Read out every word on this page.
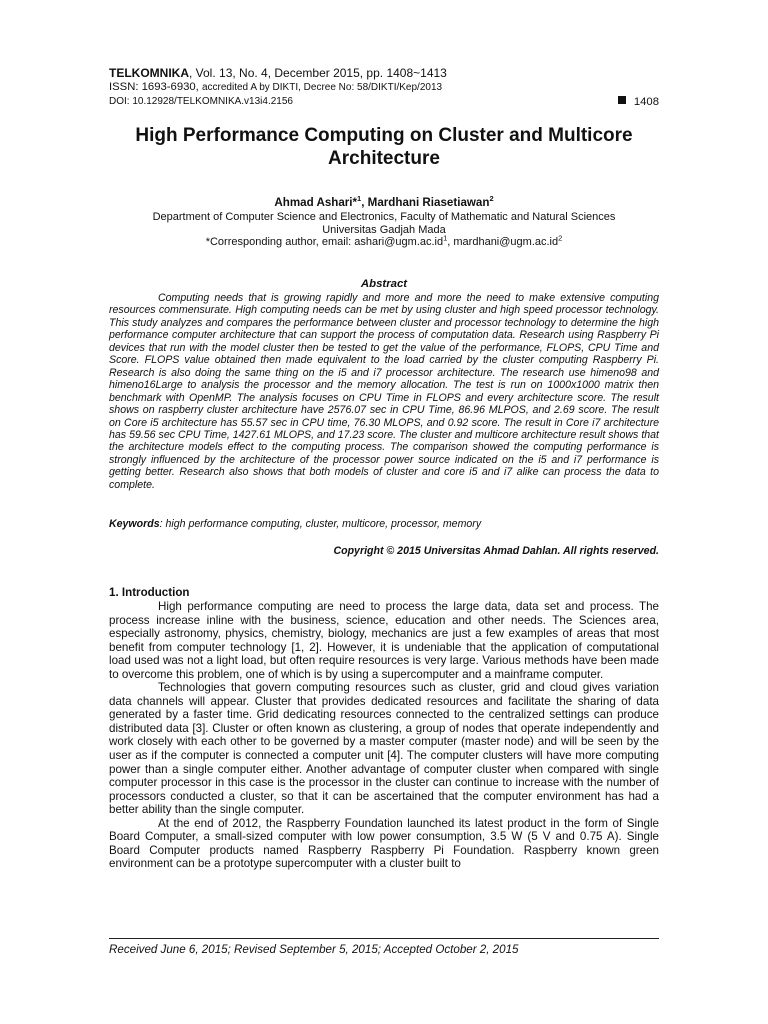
TELKOMNIKA, Vol. 13, No. 4, December 2015, pp. 1408~1413
ISSN: 1693-6930, accredited A by DIKTI, Decree No: 58/DIKTI/Kep/2013
DOI: 10.12928/TELKOMNIKA.v13i4.2156	1408
High Performance Computing on Cluster and Multicore
Architecture
Ahmad Ashari*$^1$, Mardhani Riasetiawan$^2$
Department of Computer Science and Electronics, Faculty of Mathematic and Natural Sciences
Universitas Gadjah Mada
*Corresponding author, email: $ashari@ugm.ac.id^1$, $mardhani@ugm.ac.id^2$
Abstract

Computing needs that is growing rapidly and more and more the need to make extensive computing resources commensurate. High computing needs can be met by using cluster and high speed processor technology. This study analyzes and compares the performance between cluster and processor technology to determine the high performance computer architecture that can support the process of computation data. Research using Raspberry Pi devices that run with the model cluster then be tested to get the value of the performance, FLOPS, CPU Time and Score. FLOPS value obtained then made equivalent to the load carried by the cluster computing Raspberry Pi. Research is also doing the same thing on the i5 and i7 processor architecture. The research use himeno98 and himeno16Large to analysis the processor and the memory allocation. The test is run on 1000x1000 matrix then benchmark with OpenMP. The analysis focuses on CPU Time in FLOPS and every architecture score. The result shows on raspberry cluster architecture have 2576.07 sec in CPU Time, 86.96 MLPOS, and 2.69 score. The result on Core i5 architecture has 55.57 sec in CPU time, 76.30 MLOPS, and 0.92 score. The result in Core i7 architecture has 59.56 sec CPU Time, 1427.61 MLOPS, and 17.23 score. The cluster and multicore architecture result shows that the architecture models effect to the computing process. The comparison showed the computing performance is strongly influenced by the architecture of the processor power source indicated on the i5 and i7 performance is getting better. Research also shows that both models of cluster and core i5 and i7 alike can process the data to complete.

Keywords: high performance computing, cluster, multicore, processor, memory
Copyright © 2015 Universitas Ahmad Dahlan. All rights reserved.
1. Introduction

High performance computing are need to process the large data, data set and process. The process increase inline with the business, science, education and other needs. The Sciences area, especially astronomy, physics, chemistry, biology, mechanics are just a few examples of areas that most benefit from computer technology [1, 2]. However, it is undeniable that the application of computational load used was not a light load, but often require resources is very large. Various methods have been made to overcome this problem, one of which is by using a supercomputer and a mainframe computer.

Technologies that govern computing resources such as cluster, grid and cloud gives variation data channels will appear. Cluster that provides dedicated resources and facilitate the sharing of data generated by a faster time. Grid dedicating resources connected to the centralized settings can produce distributed data [3]. Cluster or often known as clustering, a group of nodes that operate independently and work closely with each other to be governed by a master computer (master node) and will be seen by the user as if the computer is connected a computer unit [4]. The computer clusters will have more computing power than a single computer either. Another advantage of computer cluster when compared with single computer processor in this case is the processor in the cluster can continue to increase with the number of processors conducted a cluster, so that it can be ascertained that the computer environment has had a better ability than the single computer.

At the end of 2012, the Raspberry Foundation launched its latest product in the form of Single Board Computer, a small-sized computer with low power consumption, 3.5 W (5 V and 0.75 A). Single Board Computer products named Raspberry Raspberry Pi Foundation. Raspberry known green environment can be a prototype supercomputer with a cluster built to

Received June 6, 2015; Revised September 5, 2015; Accepted October 2, 2015
